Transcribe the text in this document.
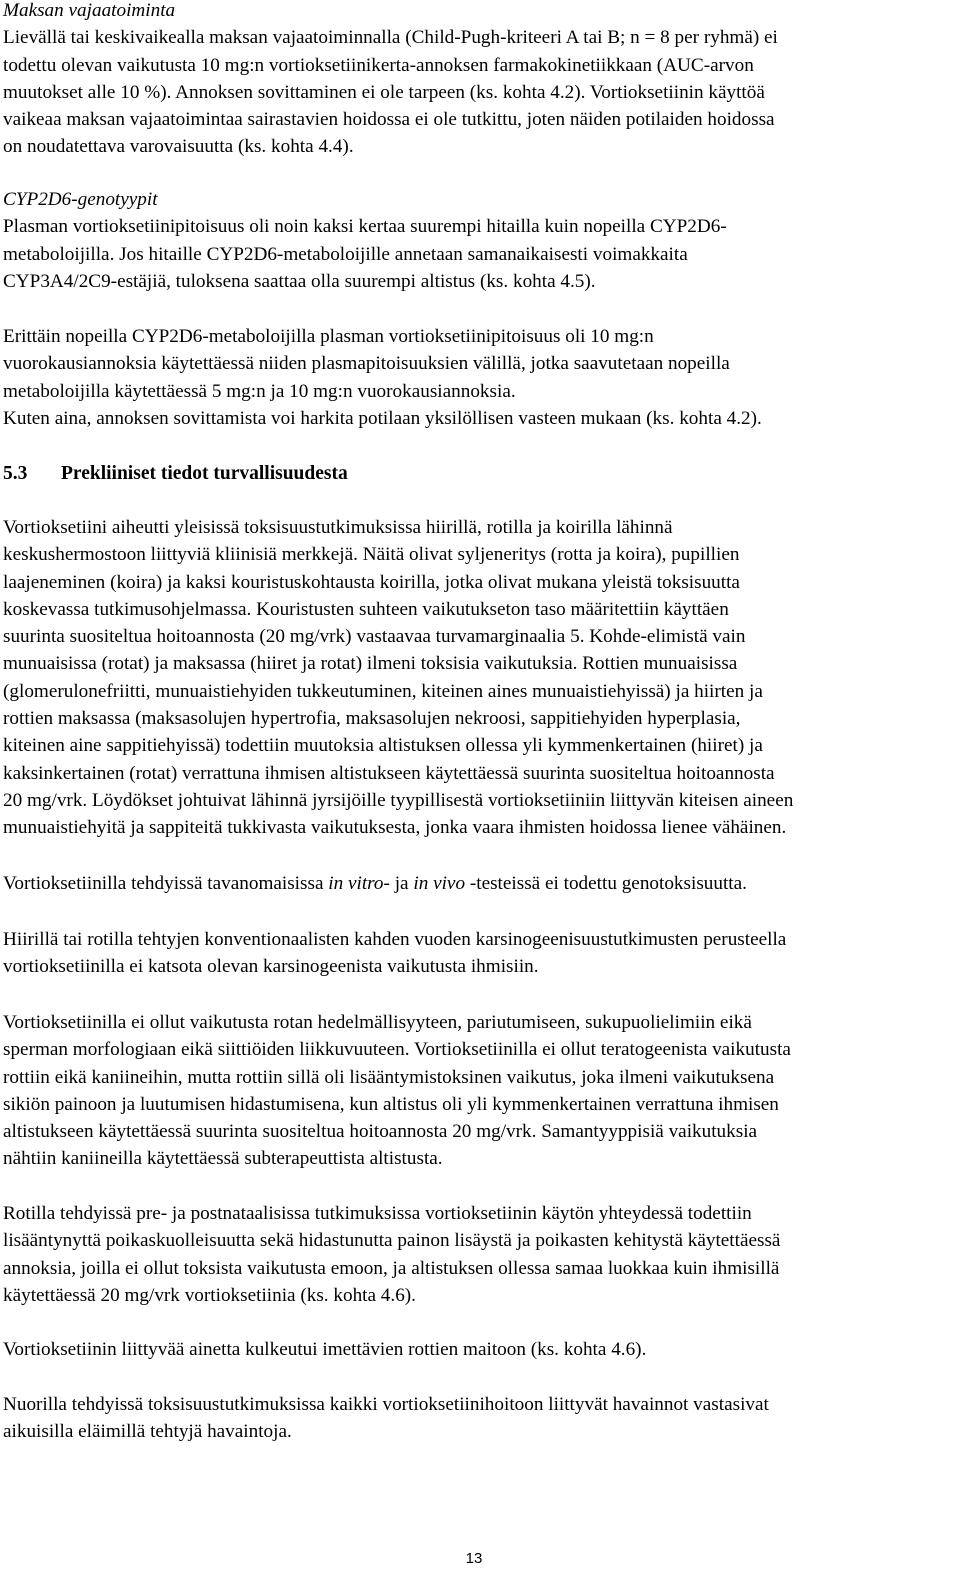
Maksan vajaatoiminta
Lievällä tai keskivaikealla maksan vajaatoiminnalla (Child-Pugh-kriteeri A tai B; n = 8 per ryhmä) ei
todettu olevan vaikutusta 10 mg:n vortioksetiinikerta-annoksen farmakokinetiikkaan (AUC-arvon
muutokset alle 10 %). Annoksen sovittaminen ei ole tarpeen (ks. kohta 4.2). Vortioksetiinin käyttöä
vaikeaa maksan vajaatoimintaa sairastavien hoidossa ei ole tutkittu, joten näiden potilaiden hoidossa
on noudatettava varovaisuutta (ks. kohta 4.4).
CYP2D6-genotyypit
Plasman vortioksetiinipitoisuus oli noin kaksi kertaa suurempi hitailla kuin nopeilla CYP2D6-
metaboloijilla. Jos hitaille CYP2D6-metaboloijille annetaan samanaikaisesti voimakkaita
CYP3A4/2C9-estäjiä, tuloksena saattaa olla suurempi altistus (ks. kohta 4.5).
Erittäin nopeilla CYP2D6-metaboloijilla plasman vortioksetiinipitoisuus oli 10 mg:n
vuorokausiannoksia käytettäessä niiden plasmapitoisuuksien välillä, jotka saavutetaan nopeilla
metaboloijilla käytettäessä 5 mg:n ja 10 mg:n vuorokausiannoksia.
Kuten aina, annoksen sovittamista voi harkita potilaan yksilöllisen vasteen mukaan (ks. kohta 4.2).
5.3 Prekliiniset tiedot turvallisuudesta
Vortioksetiini aiheutti yleisissä toksisuustutkimuksissa hiirillä, rotilla ja koirilla lähinnä
keskushermostoon liittyviä kliinisiä merkkejä. Näitä olivat syljeneritys (rotta ja koira), pupillien
laajeneminen (koira) ja kaksi kouristuskohtausta koirilla, jotka olivat mukana yleistä toksisuutta
koskevassa tutkimusohjelmassa. Kouristusten suhteen vaikutukseton taso määritettiin käyttäen
suurinta suositeltua hoitoannosta (20 mg/vrk) vastaavaa turvamarginaalia 5. Kohde-elimistä vain
munuaisissa (rotat) ja maksassa (hiiret ja rotat) ilmeni toksisia vaikutuksia. Rottien munuaisissa
(glomerulonefriitti, munuaistiehyiden tukkeutuminen, kiteinen aines munuaistiehyissä) ja hiirten ja
rottien maksassa (maksasolujen hypertrofia, maksasolujen nekroosi, sappitiehyiden hyperplasia,
kiteinen aine sappitiehyissä) todettiin muutoksia altistuksen ollessa yli kymmenkertainen (hiiret) ja
kaksinkertainen (rotat) verrattuna ihmisen altistukseen käytettäessä suurinta suositeltua hoitoannosta
20 mg/vrk. Löydökset johtuivat lähinnä jyrsijöille tyypillisestä vortioksetiiniin liittyvän kiteisen aineen
munuaistiehyitä ja sappiteitä tukkivasta vaikutuksesta, jonka vaara ihmisten hoidossa lienee vähäinen.
Vortioksetiinilla tehdyissä tavanomaisissa in vitro- ja in vivo -testeissä ei todettu genotoksisuutta.
Hiirillä tai rotilla tehtyjen konventionaalisten kahden vuoden karsinogeenisuustutkimusten perusteella
vortioksetiinilla ei katsota olevan karsinogeenista vaikutusta ihmisiin.
Vortioksetiinilla ei ollut vaikutusta rotan hedelmällisyyteen, pariutumiseen, sukupuolielimiin eikä
sperman morfologiaan eikä siittiöiden liikkuvuuteen. Vortioksetiinilla ei ollut teratogeenista vaikutusta
rottiin eikä kaniineihin, mutta rottiin sillä oli lisääntymistoksinen vaikutus, joka ilmeni vaikutuksena
sikiön painoon ja luutumisen hidastumisena, kun altistus oli yli kymmenkertainen verrattuna ihmisen
altistukseen käytettäessä suurinta suositeltua hoitoannosta 20 mg/vrk. Samantyyppisiä vaikutuksia
nähtiin kaniineilla käytettäessä subterapeuttista altistusta.
Rotilla tehdyissä pre- ja postnataalisissa tutkimuksissa vortioksetiinin käytön yhteydessä todettiin
lisääntynyttä poikaskuolleisuutta sekä hidastunutta painon lisäystä ja poikasten kehitystä käytettäessä
annoksia, joilla ei ollut toksista vaikutusta emoon, ja altistuksen ollessa samaa luokkaa kuin ihmisillä
käytettäessä 20 mg/vrk vortioksetiinia (ks. kohta 4.6).
Vortioksetiinin liittyvää ainetta kulkeutui imettävien rottien maitoon (ks. kohta 4.6).
Nuorilla tehdyissä toksisuustutkimuksissa kaikki vortioksetiinihoitoon liittyvät havainnot vastasivat
aikuisilla eläimillä tehtyjä havaintoja.
13
